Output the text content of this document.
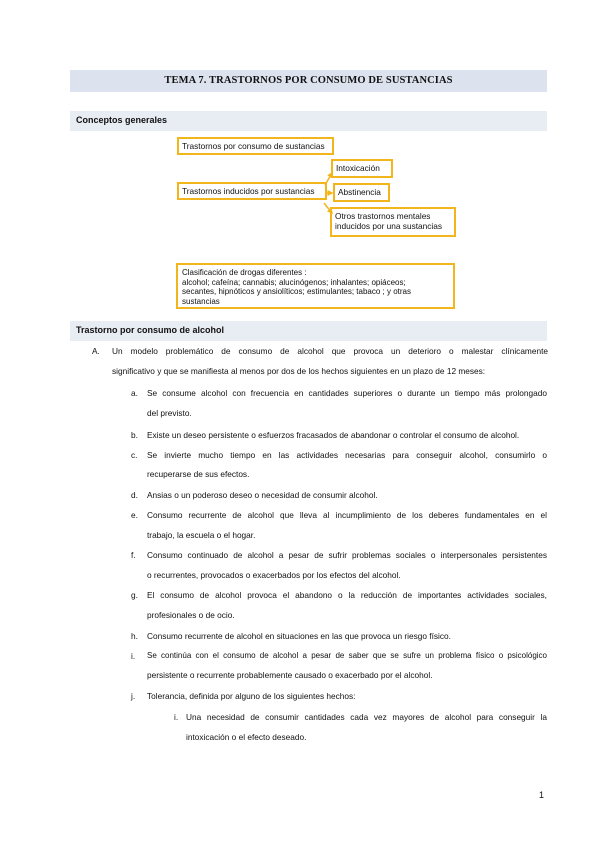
TEMA 7. TRASTORNOS POR CONSUMO DE SUSTANCIAS
Conceptos generales
Trastornos por consumo de sustancias
Trastornos inducidos por sustancias
Intoxicación
Abstinencia
Otros trastornos mentales
inducidos por una sustancias
Clasificación de drogas diferentes :
alcohol; cafeína; cannabis; alucinógenos; inhalantes; opiáceos;
secantes, hipnóticos y ansiolíticos; estimulantes; tabaco ; y otras
sustancias
Trastorno por consumo de alcohol
A. Un modelo problemático de consumo de alcohol que provoca un deterioro o malestar clínicamente
significativo y que se manifiesta al menos por dos de los hechos siguientes en un plazo de 12 meses:
a. Se consume alcohol con frecuencia en cantidades superiores o durante un tiempo más prolongado
del previsto.
b. Existe un deseo persistente o esfuerzos fracasados de abandonar o controlar el consumo de alcohol.
c. Se invierte mucho tiempo en las actividades necesarias para conseguir alcohol, consumirlo o
recuperarse de sus efectos.
d. Ansias o un poderoso deseo o necesidad de consumir alcohol.
e. Consumo recurrente de alcohol que lleva al incumplimiento de los deberes fundamentales en el
trabajo, la escuela o el hogar.
f. Consumo continuado de alcohol a pesar de sufrir problemas sociales o interpersonales persistentes
o recurrentes, provocados o exacerbados por los efectos del alcohol.
g. El consumo de alcohol provoca el abandono o la reducción de importantes actividades sociales,
profesionales o de ocio.
h. Consumo recurrente de alcohol en situaciones en las que provoca un riesgo físico.
i. Se continúa con el consumo de alcohol a pesar de saber que se sufre un problema físico o psicológico
persistente o recurrente probablemente causado o exacerbado por el alcohol.
j. Tolerancia, definida por alguno de los siguientes hechos:
i. Una necesidad de consumir cantidades cada vez mayores de alcohol para conseguir la
intoxicación o el efecto deseado.
1
